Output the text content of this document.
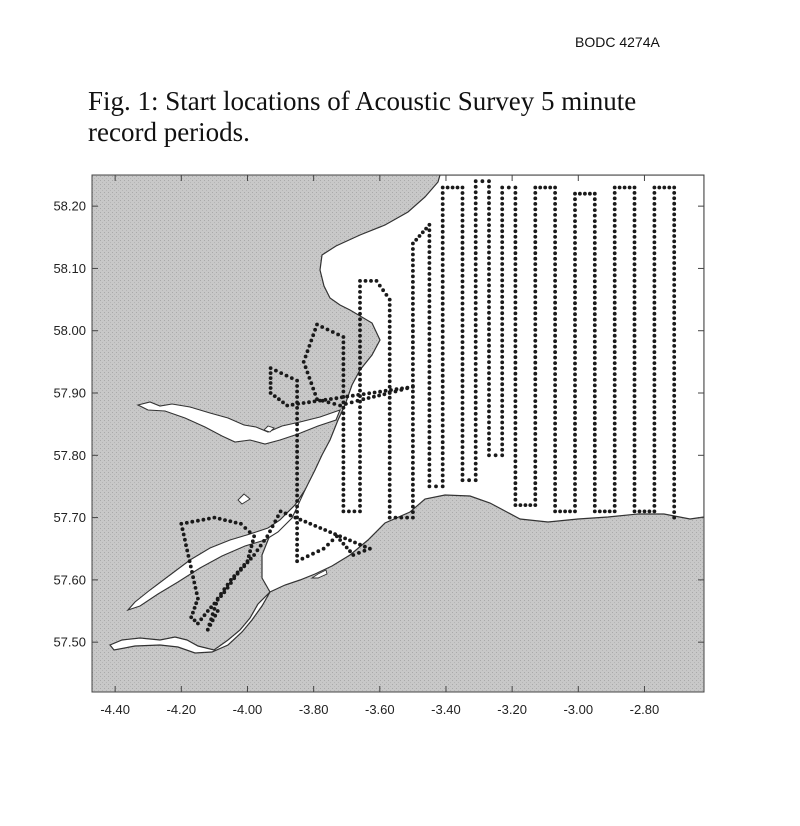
BODC 4274A
Fig. 1: Start locations of Acoustic Survey 5 minute
record periods.
-4.40	-4.20	-4.00	-3.80	-3.60	-3.40	-3.20	-3.00	-2.80
57.50
57.60
57.70
57.80
57.90
58.00
58.10
58.20
